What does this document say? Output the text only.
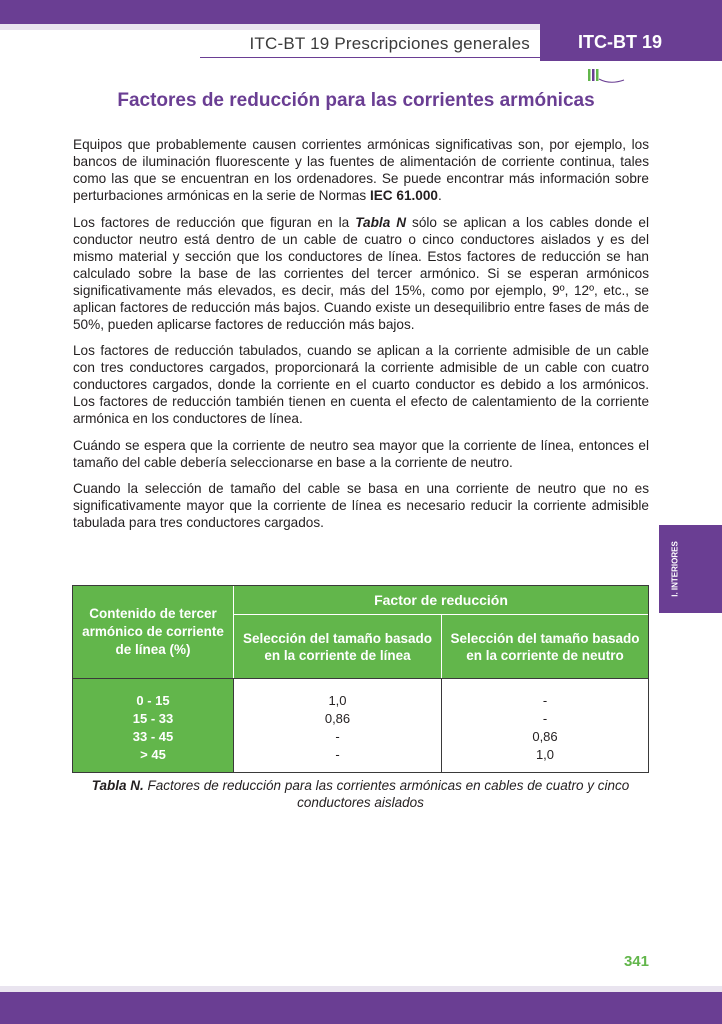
ITC-BT 19 Prescripciones generales	ITC-BT 19
Factores de reducción para las corrientes armónicas

Equipos que probablemente causen corrientes armónicas significativas son, por ejemplo, los bancos de iluminación fluorescente y las fuentes de alimentación de corriente continua, tales como las que se encuentran en los ordenadores. Se puede encontrar más información sobre perturbaciones armónicas en la serie de Normas IEC 61.000.

Los factores de reducción que figuran en la Tabla N sólo se aplican a los cables donde el conductor neutro está dentro de un cable de cuatro o cinco conductores aislados y es del mismo material y sección que los conductores de línea. Estos factores de reducción se han calculado sobre la base de las corrientes del tercer armónico. Si se esperan armónicos significativamente más elevados, es decir, más del 15%, como por ejemplo, 9º, 12º, etc., se aplican factores de reducción más bajos. Cuando existe un desequilibrio entre fases de más de 50%, pueden aplicarse factores de reducción más bajos.

Los factores de reducción tabulados, cuando se aplican a la corriente admisible de un cable con tres conductores cargados, proporcionará la corriente admisible de un cable con cuatro conductores cargados, donde la corriente en el cuarto conductor es debido a los armónicos. Los factores de reducción también tienen en cuenta el efecto de calentamiento de la corriente armónica en los conductores de línea.

Cuándo se espera que la corriente de neutro sea mayor que la corriente de línea, entonces el tamaño del cable debería seleccionarse en base a la corriente de neutro.

Cuando la selección de tamaño del cable se basa en una corriente de neutro que no es significativamente mayor que la corriente de línea es necesario reducir la corriente admisible tabulada para tres conductores cargados.

I. INTERIORES
Contenido de tercer armónico de corriente de línea (%)
Factor de reducción
Selección del tamaño basado en la corriente de línea
Selección del tamaño basado en la corriente de neutro
0 - 15
15 - 33
33 - 45
> 45
1,0
0,86
-
-
-
-
0,86
1,0
Tabla N. Factores de reducción para las corrientes armónicas en cables de cuatro y cinco conductores aislados
341
